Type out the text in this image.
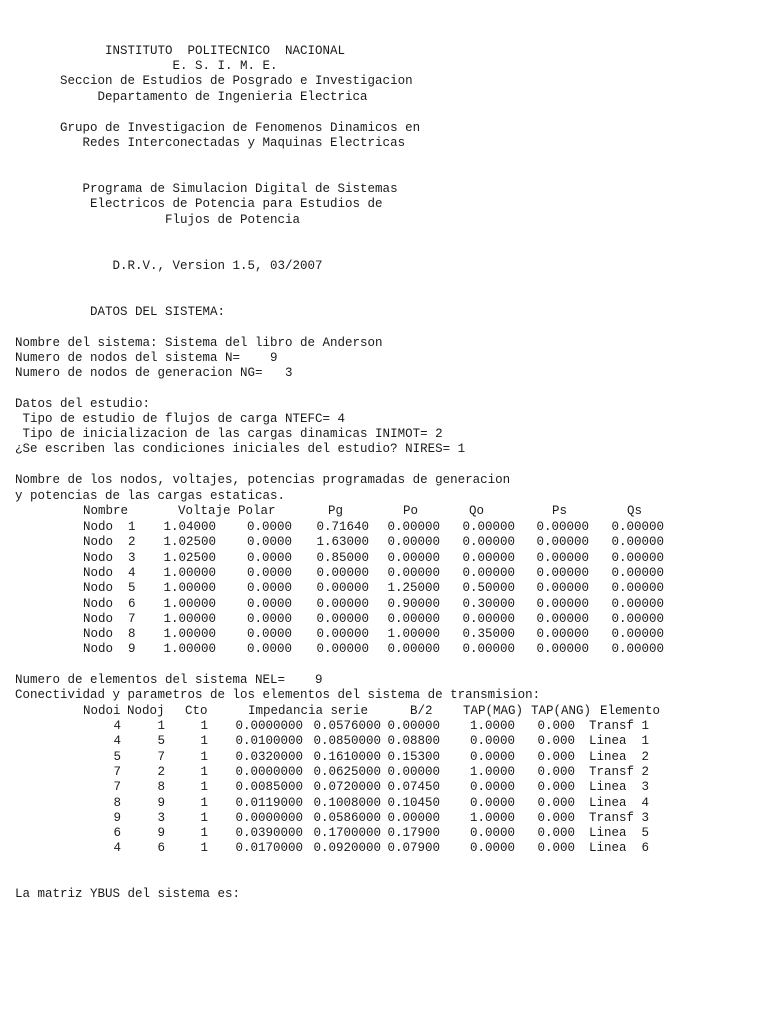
INSTITUTO  POLITECNICO  NACIONAL
E. S. I. M. E.
Seccion de Estudios de Posgrado e Investigacion
Departamento de Ingenieria Electrica
Grupo de Investigacion de Fenomenos Dinamicos en
Redes Interconectadas y Maquinas Electricas
Programa de Simulacion Digital de Sistemas
Electricos de Potencia para Estudios de
Flujos de Potencia
D.R.V., Version 1.5, 03/2007
DATOS DEL SISTEMA:
Nombre del sistema: Sistema del libro de Anderson
Numero de nodos del sistema N=    9
Numero de nodos de generacion NG=   3
Datos del estudio:
Tipo de estudio de flujos de carga NTEFC= 4
Tipo de inicializacion de las cargas dinamicas INIMOT= 2
¿Se escriben las condiciones iniciales del estudio? NIRES= 1
Nombre de los nodos, voltajes, potencias programadas de generacion
y potencias de las cargas estaticas.
Nombre	Voltaje Polar	Pg	Po	Qo	Ps	Qs
Nodo  1 1.04000 0.0000 0.71640 0.00000 0.00000 0.00000 0.00000
Nodo  2 1.02500 0.0000 1.63000 0.00000 0.00000 0.00000 0.00000
Nodo  3 1.02500 0.0000 0.85000 0.00000 0.00000 0.00000 0.00000
Nodo  4 1.00000 0.0000 0.00000 0.00000 0.00000 0.00000 0.00000
Nodo  5 1.00000 0.0000 0.00000 1.25000 0.50000 0.00000 0.00000
Nodo  6 1.00000 0.0000 0.00000 0.90000 0.30000 0.00000 0.00000
Nodo  7 1.00000 0.0000 0.00000 0.00000 0.00000 0.00000 0.00000
Nodo  8 1.00000 0.0000 0.00000 1.00000 0.35000 0.00000 0.00000
Nodo  9 1.00000 0.0000 0.00000 0.00000 0.00000 0.00000 0.00000
Numero de elementos del sistema NEL=    9
Conectividad y parametros de los elementos del sistema de transmision:
Nodoi Nodoj Cto	Impedancia serie	B/2 TAP(MAG) TAP(ANG) Elemento
4	1	1 0.0000000 0.0576000 0.00000 1.0000 0.000 Transf 1
4	5	1 0.0100000 0.0850000 0.08800 0.0000 0.000 Linea  1
5	7	1 0.0320000 0.1610000 0.15300 0.0000 0.000 Linea  2
7	2	1 0.0000000 0.0625000 0.00000 1.0000 0.000 Transf 2
7	8	1 0.0085000 0.0720000 0.07450 0.0000 0.000 Linea  3
8	9	1 0.0119000 0.1008000 0.10450 0.0000 0.000 Linea  4
9	3	1 0.0000000 0.0586000 0.00000 1.0000 0.000 Transf 3
6	9	1 0.0390000 0.1700000 0.17900 0.0000 0.000 Linea  5
4	6	1 0.0170000 0.0920000 0.07900 0.0000 0.000 Linea  6
La matriz YBUS del sistema es:
